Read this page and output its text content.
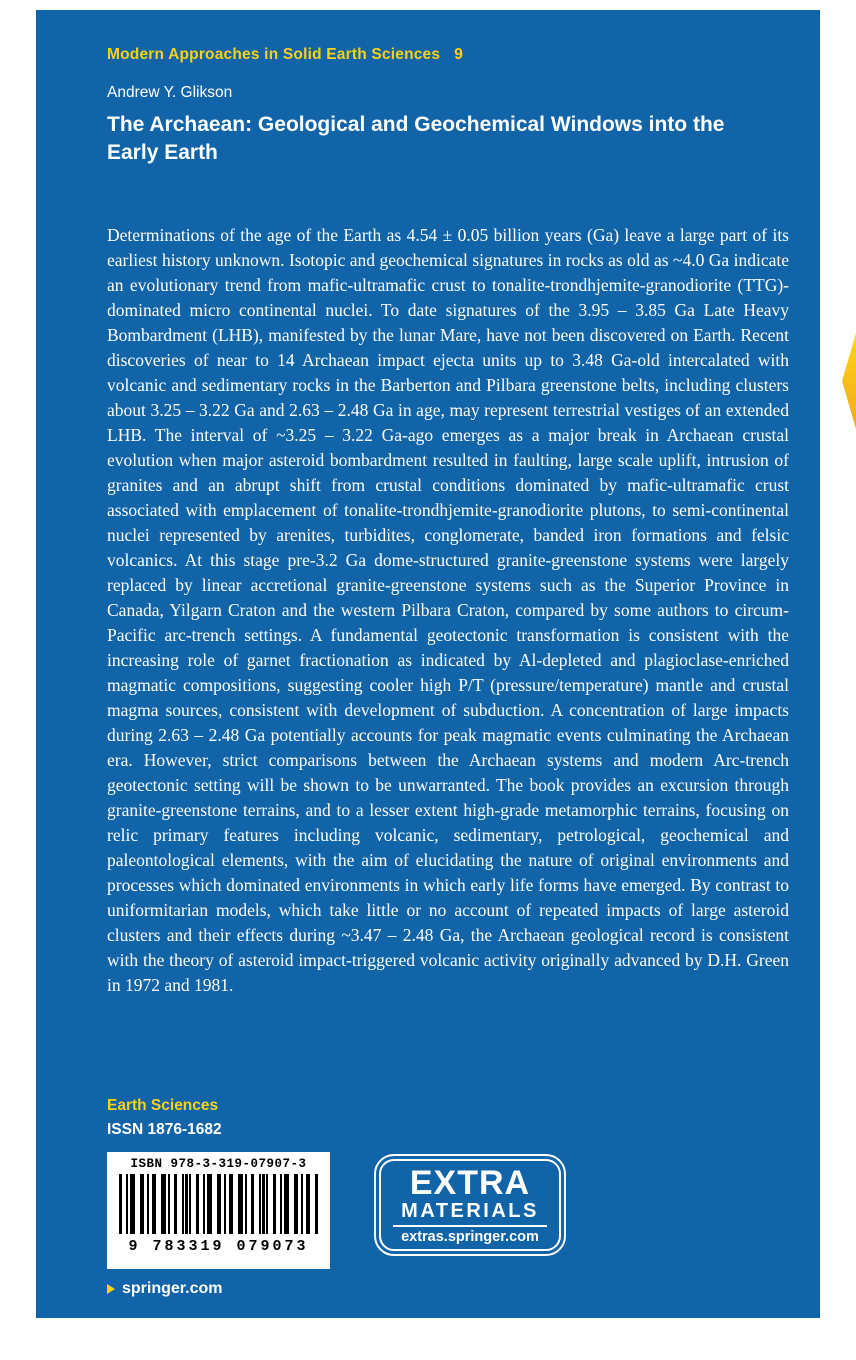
Modern Approaches in Solid Earth Sciences 9
Andrew Y. Glikson
The Archaean: Geological and Geochemical Windows into the Early Earth
Determinations of the age of the Earth as 4.54 ± 0.05 billion years (Ga) leave a large part of its earliest history unknown. Isotopic and geochemical signatures in rocks as old as ~4.0 Ga indicate an evolutionary trend from mafic-ultramafic crust to tonalite-trondhjemite-granodiorite (TTG)-dominated micro continental nuclei. To date signatures of the 3.95 – 3.85 Ga Late Heavy Bombardment (LHB), manifested by the lunar Mare, have not been discovered on Earth. Recent discoveries of near to 14 Archaean impact ejecta units up to 3.48 Ga-old intercalated with volcanic and sedimentary rocks in the Barberton and Pilbara greenstone belts, including clusters about 3.25 – 3.22 Ga and 2.63 – 2.48 Ga in age, may represent terrestrial vestiges of an extended LHB. The interval of ~3.25 – 3.22 Ga-ago emerges as a major break in Archaean crustal evolution when major asteroid bombardment resulted in faulting, large scale uplift, intrusion of granites and an abrupt shift from crustal conditions dominated by mafic-ultramafic crust associated with emplacement of tonalite-trondhjemite-granodiorite plutons, to semi-continental nuclei represented by arenites, turbidites, conglomerate, banded iron formations and felsic volcanics. At this stage pre-3.2 Ga dome-structured granite-greenstone systems were largely replaced by linear accretional granite-greenstone systems such as the Superior Province in Canada, Yilgarn Craton and the western Pilbara Craton, compared by some authors to circum-Pacific arc-trench settings. A fundamental geotectonic transformation is consistent with the increasing role of garnet fractionation as indicated by Al-depleted and plagioclase-enriched magmatic compositions, suggesting cooler high P/T (pressure/temperature) mantle and crustal magma sources, consistent with development of subduction. A concentration of large impacts during 2.63 – 2.48 Ga potentially accounts for peak magmatic events culminating the Archaean era. However, strict comparisons between the Archaean systems and modern Arc-trench geotectonic setting will be shown to be unwarranted. The book provides an excursion through granite-greenstone terrains, and to a lesser extent high-grade metamorphic terrains, focusing on relic primary features including volcanic, sedimentary, petrological, geochemical and paleontological elements, with the aim of elucidating the nature of original environments and processes which dominated environments in which early life forms have emerged. By contrast to uniformitarian models, which take little or no account of repeated impacts of large asteroid clusters and their effects during ~3.47 – 2.48 Ga, the Archaean geological record is consistent with the theory of asteroid impact-triggered volcanic activity originally advanced by D.H. Green in 1972 and 1981.
Earth Sciences
ISSN 1876-1682
ISBN 978-3-319-07907-3
9 783319 079073
EXTRA
MATERIALS
extras.springer.com
springer.com
